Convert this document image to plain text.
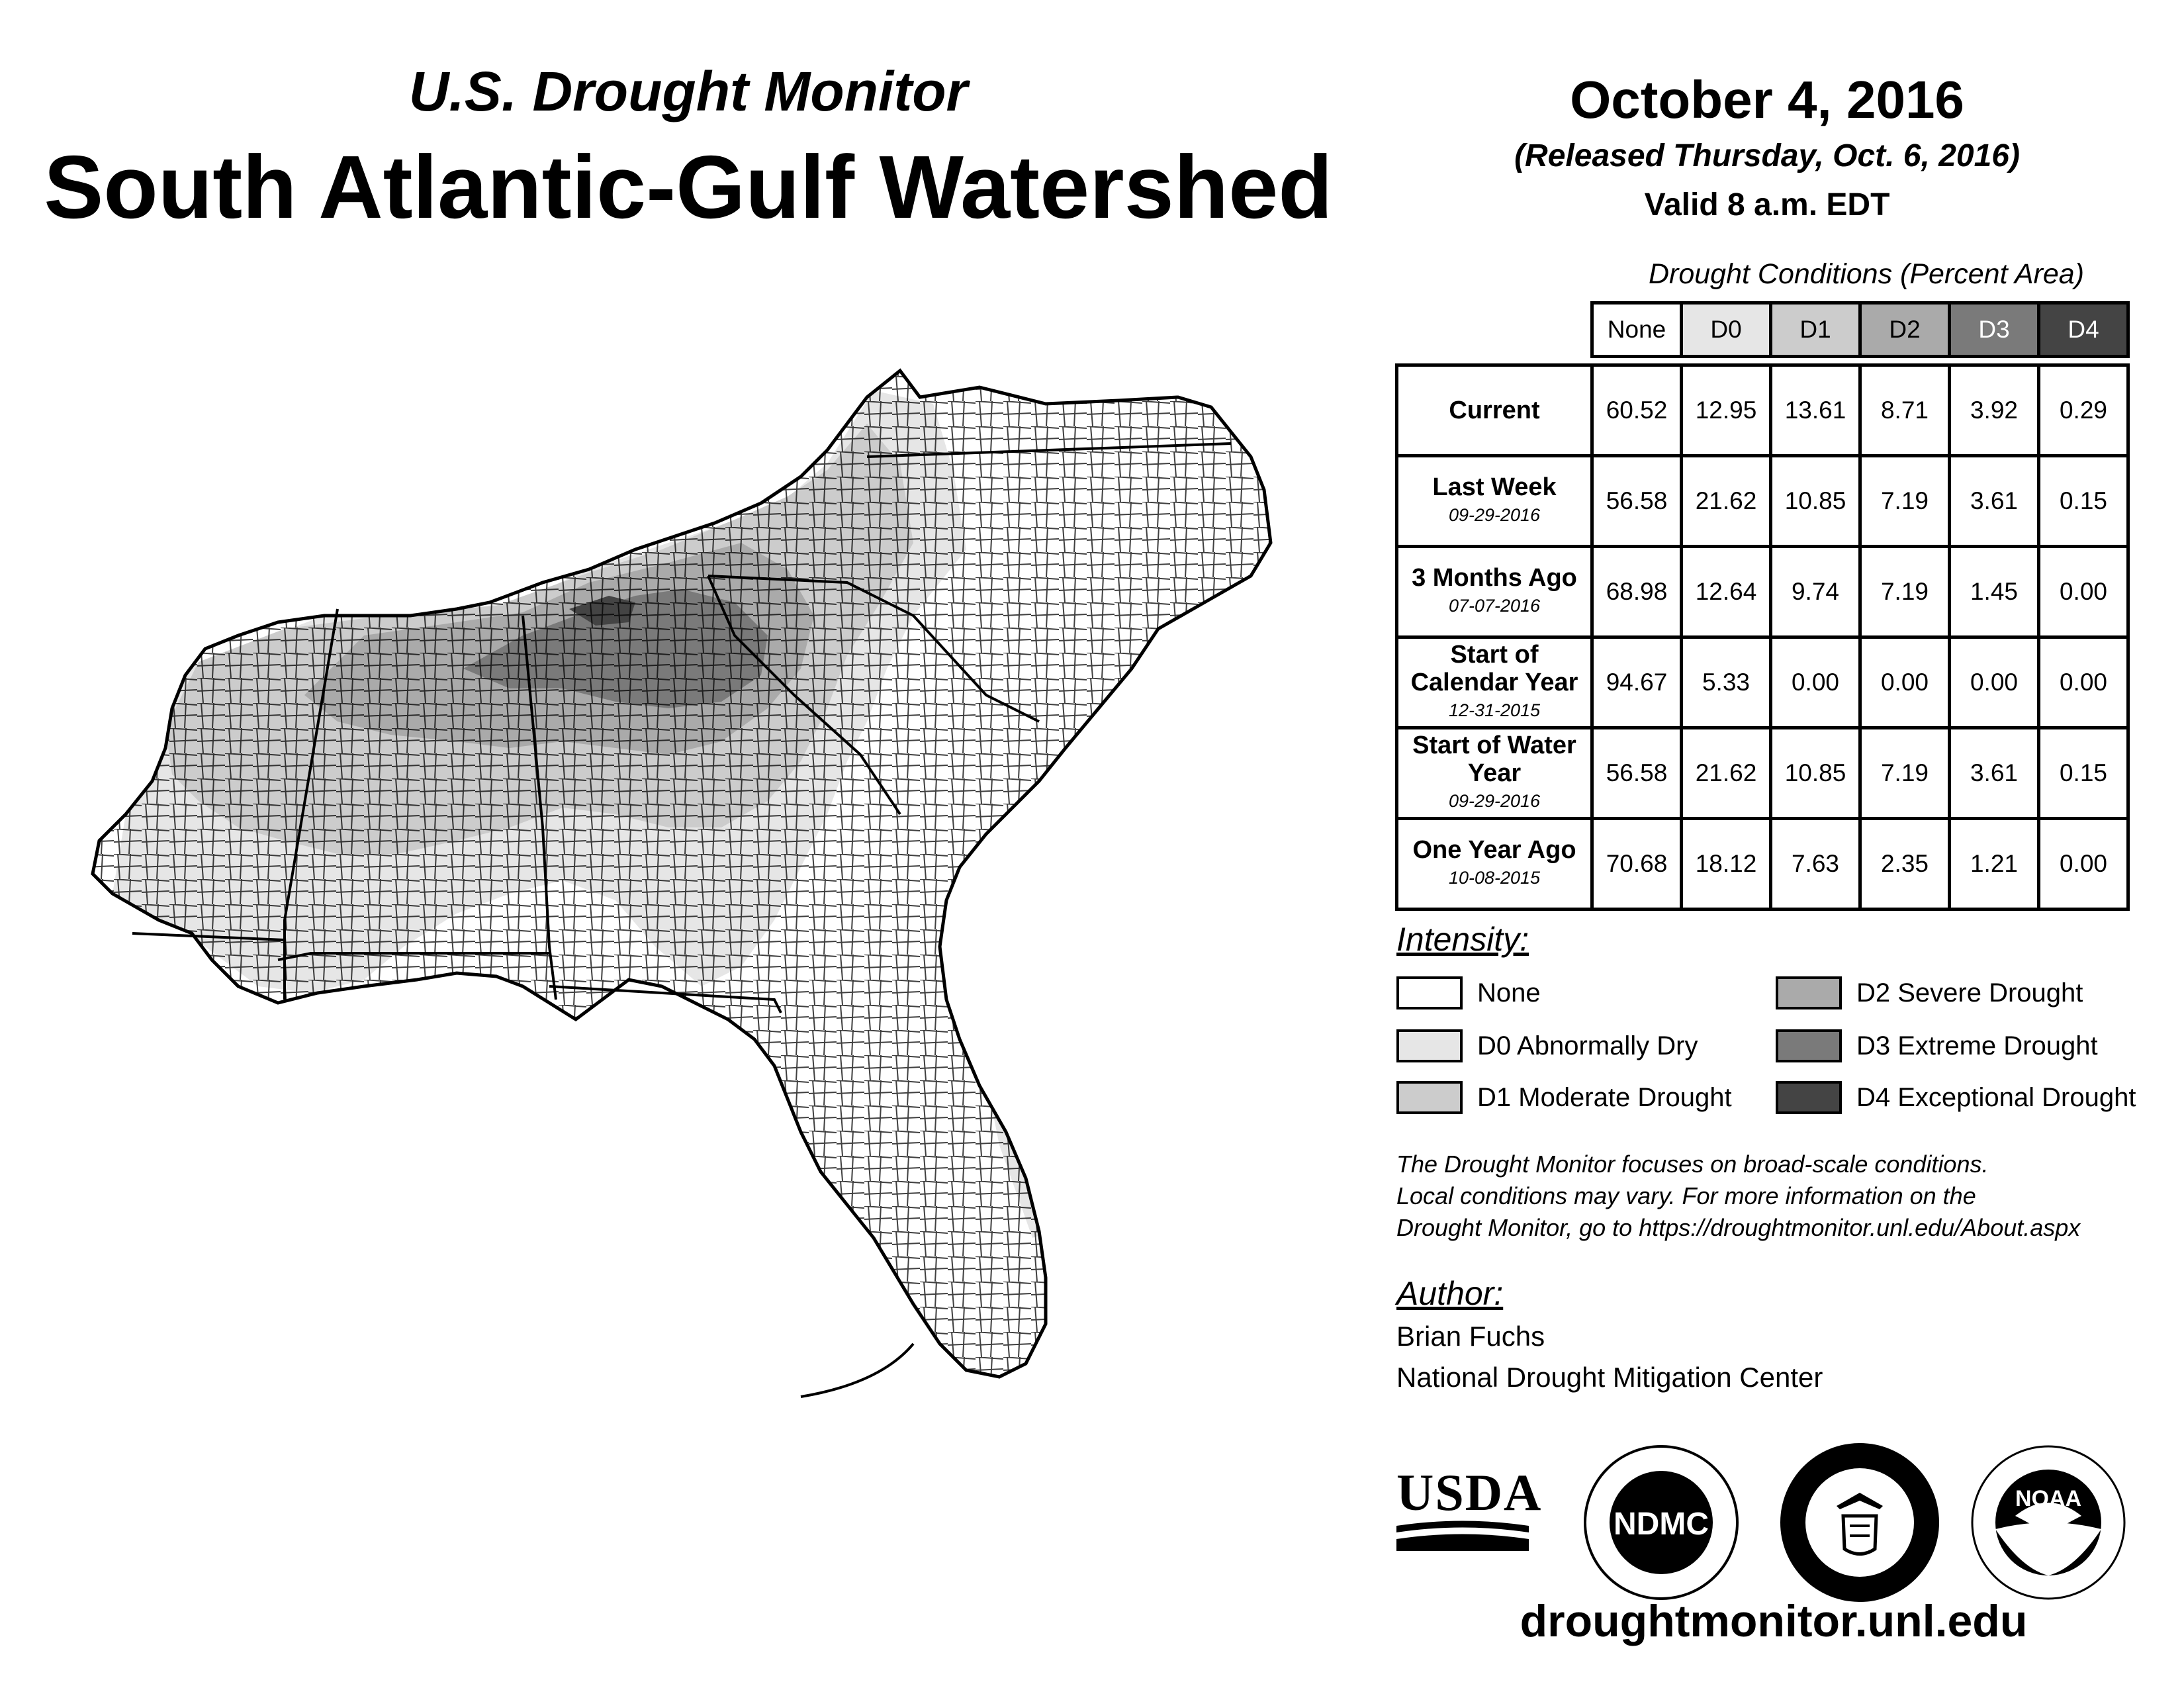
U.S. Drought Monitor
South Atlantic-Gulf Watershed
October 4, 2016
(Released Thursday, Oct. 6, 2016)
Valid 8 a.m. EDT
Drought Conditions (Percent Area)
	None	D0	D1	D2	D3	D4

Current	60.52	12.95	13.61	8.71	3.92	0.29
Last Week
09-29-2016	56.58	21.62	10.85	7.19	3.61	0.15
3 Months Ago
07-07-2016	68.98	12.64	9.74	7.19	1.45	0.00
Start of Calendar Year
12-31-2015	94.67	5.33	0.00	0.00	0.00	0.00
Start of Water Year
09-29-2016	56.58	21.62	10.85	7.19	3.61	0.15
One Year Ago
10-08-2015	70.68	18.12	7.63	2.35	1.21	0.00
Intensity:
None
D0 Abnormally Dry
D1 Moderate Drought
D2 Severe Drought
D3 Extreme Drought
D4 Exceptional Drought
The Drought Monitor focuses on broad-scale conditions.
Local conditions may vary. For more information on the
Drought Monitor, go to https://droughtmonitor.unl.edu/About.aspx
Author:
Brian Fuchs
National Drought Mitigation Center
USDA
NDMC
NOAA
droughtmonitor.unl.edu
